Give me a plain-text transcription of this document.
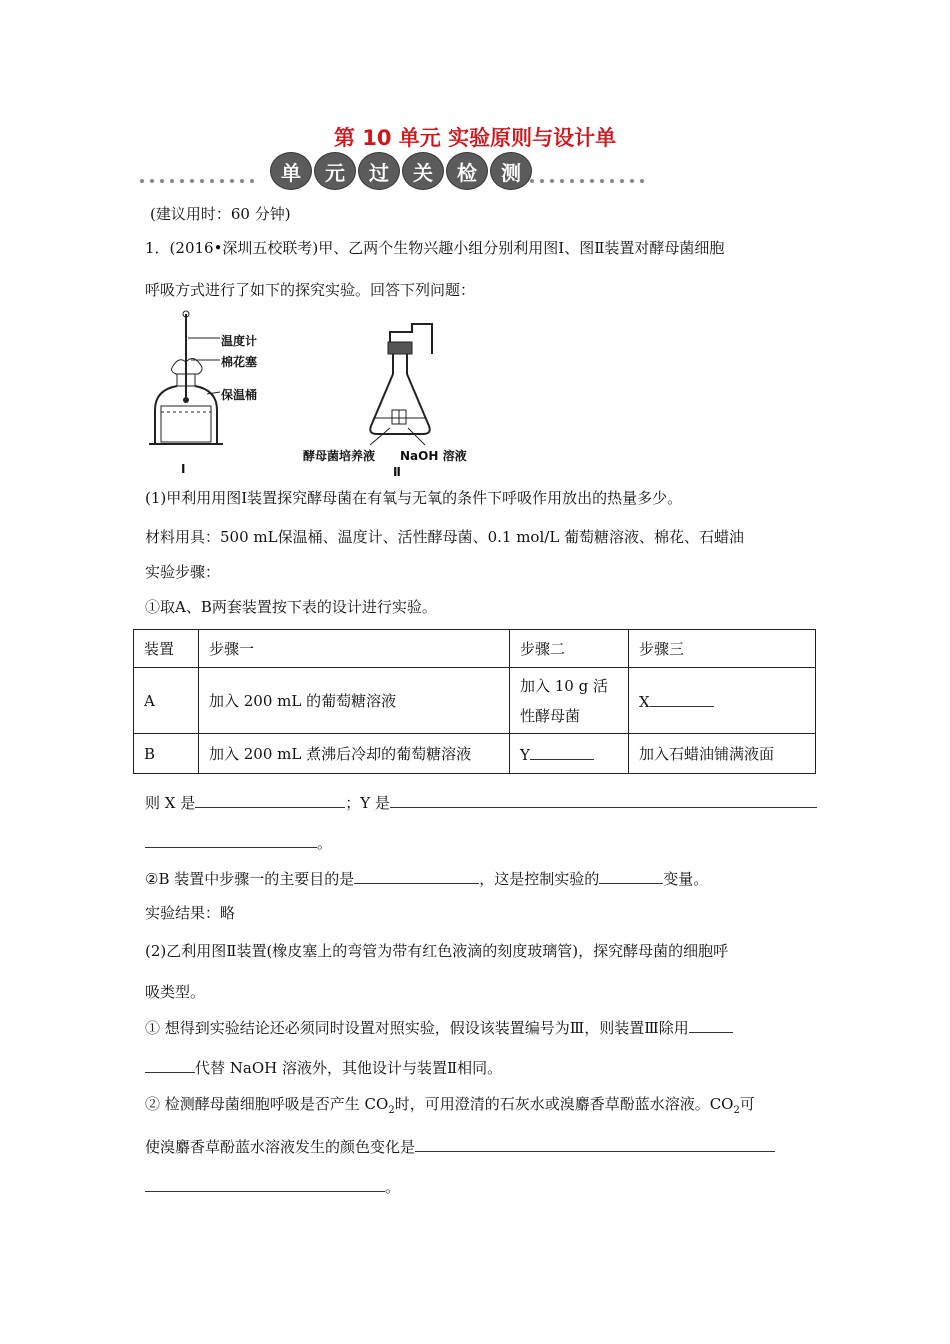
第 10 单元 实验原则与设计单
单	元	过	关	检	测
(建议用时：60 分钟)
1．(2016•深圳五校联考)甲、乙两个生物兴趣小组分别利用图Ⅰ、图Ⅱ装置对酵母菌细胞
呼吸方式进行了如下的探究实验。回答下列问题：
温度计
棉花塞
保温桶
Ⅰ
酵母菌培养液 NaOH 溶液
Ⅱ
(1)甲利用用图Ⅰ装置探究酵母菌在有氧与无氧的条件下呼吸作用放出的热量多少。
材料用具：500 mL保温桶、温度计、活性酵母菌、0.1 mol/L 葡萄糖溶液、棉花、石蜡油
实验步骤：
①取A、B两套装置按下表的设计进行实验。
装置	步骤一	步骤二	步骤三
A	加入 200 mL 的葡萄糖溶液	加入 10 g 活
性酵母菌	X
B	加入 200 mL 煮沸后冷却的葡萄糖溶液	Y	加入石蜡油铺满液面
则 X 是	；Y 是
。
②B 装置中步骤一的主要目的是	，这是控制实验的	变量。
实验结果：略
(2)乙利用图Ⅱ装置(橡皮塞上的弯管为带有红色液滴的刻度玻璃管)，探究酵母菌的细胞呼
吸类型。
① 想得到实验结论还必须同时设置对照实验，假设该装置编号为Ⅲ，则装置Ⅲ除用
代替 NaOH 溶液外，其他设计与装置Ⅱ相同。
② 检测酵母菌细胞呼吸是否产生 $CO_2$时，可用澄清的石灰水或溴麝香草酚蓝水溶液。$CO_2$可
使溴麝香草酚蓝水溶液发生的颜色变化是
。
